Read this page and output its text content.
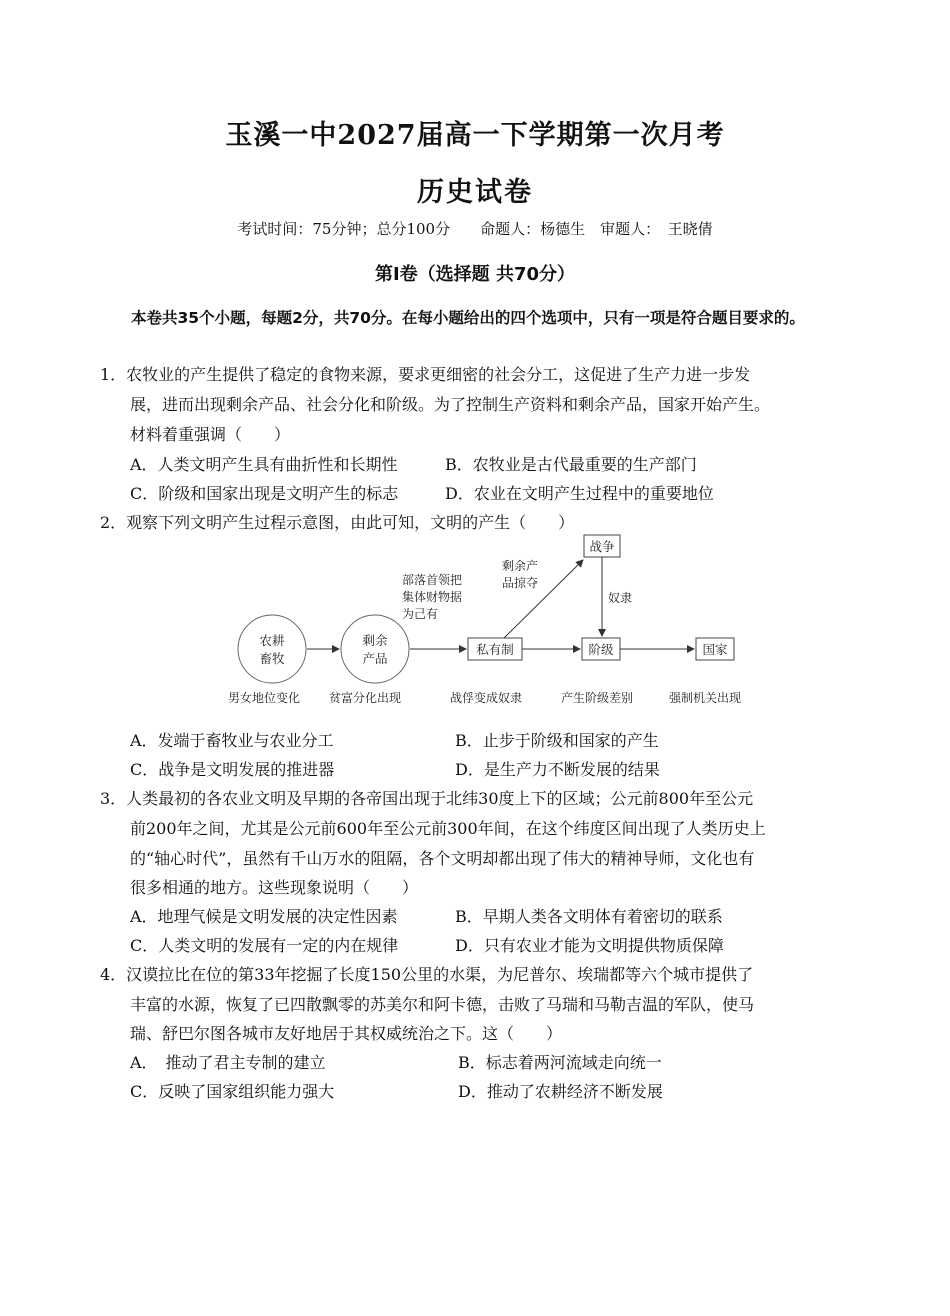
玉溪一中2027届高一下学期第一次月考
历史试卷
考试时间：75分钟；总分100分　　命题人：杨德生　审题人：　王晓倩
第Ⅰ卷（选择题 共70分）
本卷共35个小题，每题2分，共70分。在每小题给出的四个选项中，只有一项是符合题目要求的。
1．农牧业的产生提供了稳定的食物来源，要求更细密的社会分工，这促进了生产力进一步发
展，进而出现剩余产品、社会分化和阶级。为了控制生产资料和剩余产品，国家开始产生。
材料着重强调（　　）
A．人类文明产生具有曲折性和长期性	B．农牧业是古代最重要的生产部门
C．阶级和国家出现是文明产生的标志	D．农业在文明产生过程中的重要地位
2．观察下列文明产生过程示意图，由此可知，文明的产生（　　）
农耕
畜牧
剩余
产品
部落首领把
集体财物据
为己有
私有制
剩余产
品掠夺
战争
奴隶
阶级	国家
男女地位变化 贫富分化出现	战俘变成奴隶	产生阶级差别	强制机关出现
A．发端于畜牧业与农业分工	B．止步于阶级和国家的产生
C．战争是文明发展的推进器	D．是生产力不断发展的结果
3．人类最初的各农业文明及早期的各帝国出现于北纬30度上下的区域；公元前800年至公元
前200年之间，尤其是公元前600年至公元前300年间，在这个纬度区间出现了人类历史上
的“轴心时代”，虽然有千山万水的阻隔，各个文明却都出现了伟大的精神导师，文化也有
很多相通的地方。这些现象说明（　　）
A．地理气候是文明发展的决定性因素	B．早期人类各文明体有着密切的联系
C．人类文明的发展有一定的内在规律	D．只有农业才能为文明提供物质保障
4．汉谟拉比在位的第33年挖掘了长度150公里的水渠，为尼普尔、埃瑞都等六个城市提供了
丰富的水源，恢复了已四散飘零的苏美尔和阿卡德，击败了马瑞和马勒吉温的军队，使马
瑞、舒巴尔图各城市友好地居于其权威统治之下。这（　　）
A．　推动了君主专制的建立	B．标志着两河流域走向统一
C．反映了国家组织能力强大	D．推动了农耕经济不断发展
